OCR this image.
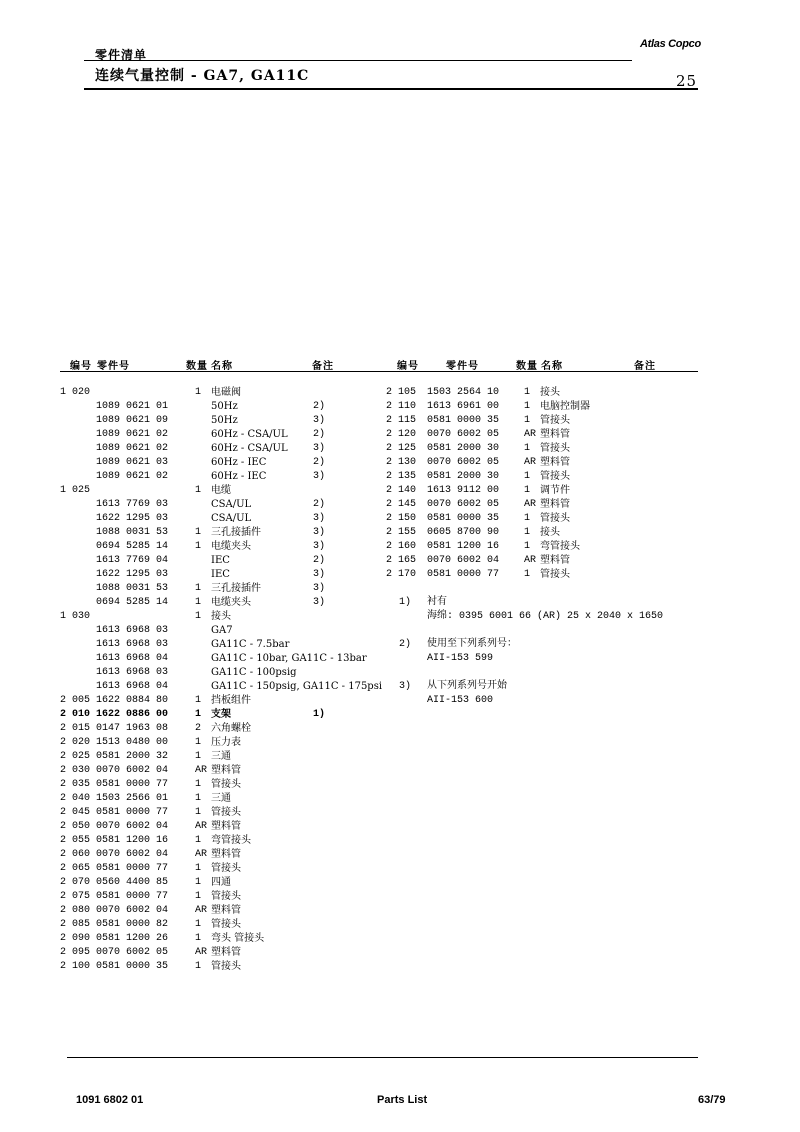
零件清单
Atlas Copco
连续气量控制 - GA7, GA11C	25
编号 零件号	数量 名称	备注	编号	零件号	数量 名称	备注
1 020	1 电磁阀
1089 0621 01	50Hz	2)
1089 0621 09	50Hz	3)
1089 0621 02	60Hz - CSA/UL	2)
1089 0621 02	60Hz - CSA/UL	3)
1089 0621 03	60Hz - IEC	2)
1089 0621 02	60Hz - IEC	3)
1 025	1 电缆
1613 7769 03	CSA/UL	2)
1622 1295 03	CSA/UL	3)
1088 0031 53	1 三孔接插件	3)
0694 5285 14	1 电缆夹头	3)
1613 7769 04	IEC	2)
1622 1295 03	IEC	3)
1088 0031 53	1 三孔接插件	3)
0694 5285 14	1 电缆夹头	3)
1 030	1 接头
1613 6968 03	GA7
1613 6968 03	GA11C - 7.5bar
1613 6968 04	GA11C - 10bar, GA11C - 13bar
1613 6968 03	GA11C - 100psig
1613 6968 04	GA11C - 150psig, GA11C - 175psi
2 005 1622 0884 80	1 挡板组件
2 010 1622 0886 00	1 支架	1)
2 015 0147 1963 08	2 六角螺栓
2 020 1513 0480 00	1 压力表
2 025 0581 2000 32	1 三通
2 030 0070 6002 04	AR 塑料管
2 035 0581 0000 77	1 管接头
2 040 1503 2566 01	1 三通
2 045 0581 0000 77	1 管接头
2 050 0070 6002 04	AR 塑料管
2 055 0581 1200 16	1 弯管接头
2 060 0070 6002 04	AR 塑料管
2 065 0581 0000 77	1 管接头
2 070 0560 4400 85	1 四通
2 075 0581 0000 77	1 管接头
2 080 0070 6002 04	AR 塑料管
2 085 0581 0000 82	1 管接头
2 090 0581 1200 26	1 弯头 管接头
2 095 0070 6002 05	AR 塑料管
2 100 0581 0000 35	1 管接头
2 105 1503 2564 10 1 接头
2 110 1613 6961 00 1 电脑控制器
2 115 0581 0000 35 1 管接头
2 120 0070 6002 05 AR 塑料管
2 125 0581 2000 30 1 管接头
2 130 0070 6002 05 AR 塑料管
2 135 0581 2000 30 1 管接头
2 140 1613 9112 00 1 调节件
2 145 0070 6002 05 AR 塑料管
2 150 0581 0000 35 1 管接头
2 155 0605 8700 90 1 接头
2 160 0581 1200 16 1 弯管接头
2 165 0070 6002 04 AR 塑料管
2 170 0581 0000 77 1 管接头
1) 衬有
海绵: 0395 6001 66 (AR) 25 x 2040 x 1650
2) 使用至下列系列号：
AII-153 599
3) 从下列系列号开始
AII-153 600
1091 6802 01	Parts List	63/79
